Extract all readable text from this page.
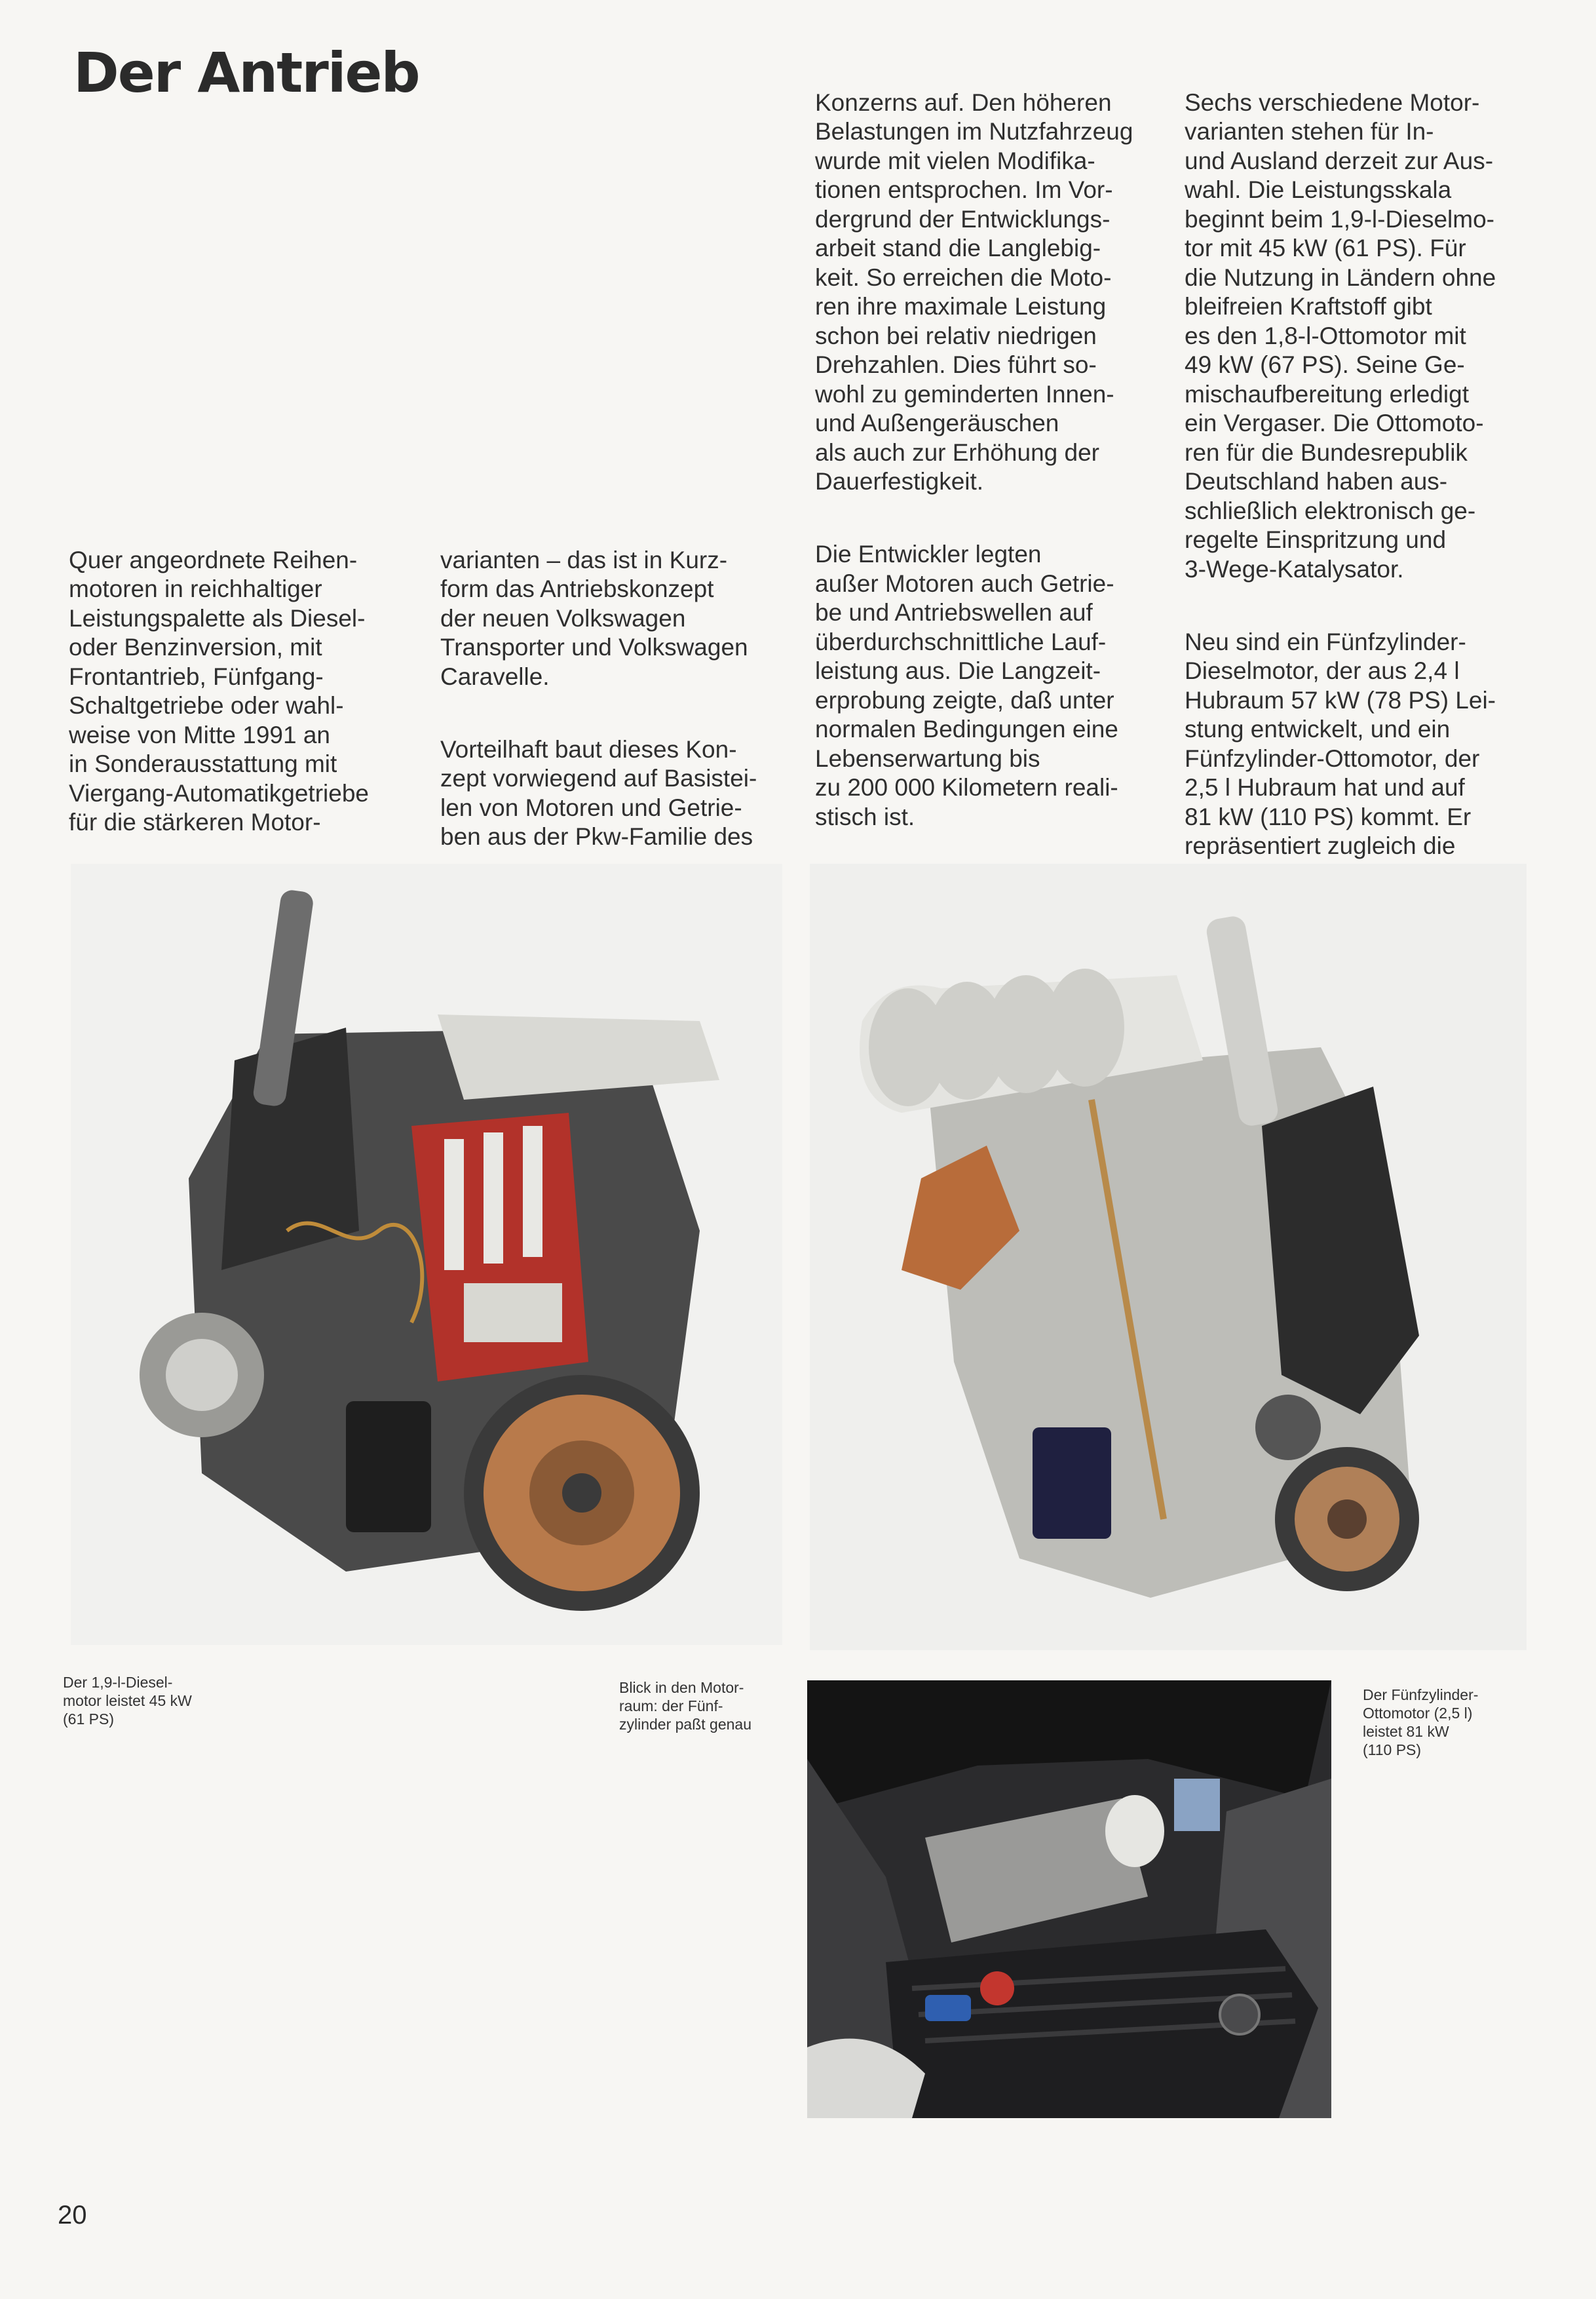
Der Antrieb

Quer angeordnete Reihen-
motoren in reichhaltiger
Leistungspalette als Diesel-
oder Benzinversion, mit
Frontantrieb, Fünfgang-
Schaltgetriebe oder wahl-
weise von Mitte 1991 an
in Sonderausstattung mit
Viergang-Automatikgetriebe
für die stärkeren Motor-

varianten – das ist in Kurz-
form das Antriebskonzept
der neuen Volkswagen
Transporter und Volkswagen
Caravelle.

Vorteilhaft baut dieses Kon-
zept vorwiegend auf Basistei-
len von Motoren und Getrie-
ben aus der Pkw-Familie des

Konzerns auf. Den höheren
Belastungen im Nutzfahrzeug
wurde mit vielen Modifika-
tionen entsprochen. Im Vor-
dergrund der Entwicklungs-
arbeit stand die Langlebig-
keit. So erreichen die Moto-
ren ihre maximale Leistung
schon bei relativ niedrigen
Drehzahlen. Dies führt so-
wohl zu geminderten Innen-
und Außengeräuschen
als auch zur Erhöhung der
Dauerfestigkeit.

Die Entwickler legten
außer Motoren auch Getrie-
be und Antriebswellen auf
überdurchschnittliche Lauf-
leistung aus. Die Langzeit-
erprobung zeigte, daß unter
normalen Bedingungen eine
Lebenserwartung bis
zu 200 000 Kilometern reali-
stisch ist.

Sechs verschiedene Motor-
varianten stehen für In-
und Ausland derzeit zur Aus-
wahl. Die Leistungsskala
beginnt beim 1,9-l-Dieselmo-
tor mit 45 kW (61 PS). Für
die Nutzung in Ländern ohne
bleifreien Kraftstoff gibt
es den 1,8-l-Ottomotor mit
49 kW (67 PS). Seine Ge-
mischaufbereitung erledigt
ein Vergaser. Die Ottomoto-
ren für die Bundesrepublik
Deutschland haben aus-
schließlich elektronisch ge-
regelte Einspritzung und
3-Wege-Katalysator.

Neu sind ein Fünfzylinder-
Dieselmotor, der aus 2,4 l
Hubraum 57 kW (78 PS) Lei-
stung entwickelt, und ein
Fünfzylinder-Ottomotor, der
2,5 l Hubraum hat und auf
81 kW (110 PS) kommt. Er
repräsentiert zugleich die

Der 1,9-l-Diesel-
motor leistet 45 kW
(61 PS)
Blick in den Motor-
raum: der Fünf-
zylinder paßt genau
Der Fünfzylinder-
Ottomotor (2,5 l)
leistet 81 kW
(110 PS)
20
